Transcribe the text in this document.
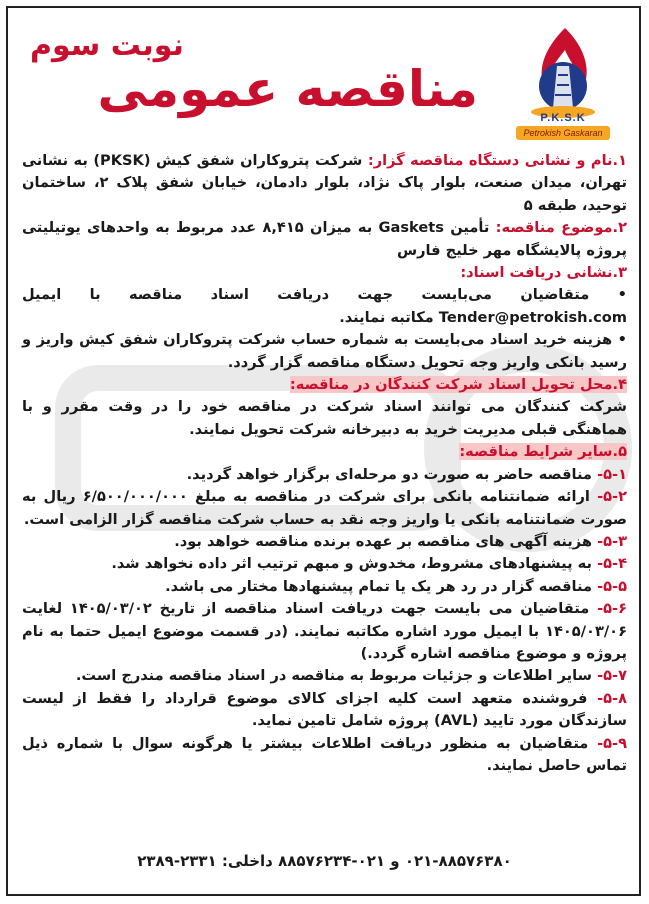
نوبت سوم
مناقصه عمومی	P.K.S.K
Petrokish Gaskaran

۱.نام و نشانی دستگاه مناقصه گزار: شرکت پتروکاران شفق کیش (PKSK) به نشانی تهران، میدان صنعت، بلوار پاک نژاد، بلوار دادمان، خیابان شفق پلاک ۲، ساختمان توحید، طبقه ۵

۲.موضوع مناقصه: تأمین Gaskets به میزان ۸,۴۱۵ عدد مربوط به واحدهای یوتیلیتی پروژه پالایشگاه مهر خلیج فارس

۳.نشانی دریافت اسناد:

• متقاضیان می‌بایست جهت دریافت اسناد مناقصه با ایمیل Tender@petrokish.com مکاتبه نمایند.

• هزینه خرید اسناد می‌بایست به شماره حساب شرکت پتروکاران شفق کیش واریز و رسید بانکی واریز وجه تحویل دستگاه مناقصه گزار گردد.

۴.محل تحویل اسناد شرکت کنندگان در مناقصه:

شرکت کنندگان می توانند اسناد شرکت در مناقصه خود را در وقت مقرر و با هماهنگی قبلی مدیریت خرید به دبیرخانه شرکت تحویل نمایند.

۵.سایر شرایط مناقصه:

۵-۱- مناقصه حاضر به صورت دو مرحله‌ای برگزار خواهد گردید.

۵-۲- ارائه ضمانتنامه بانکی برای شرکت در مناقصه به مبلغ ۶/۵۰۰/۰۰۰/۰۰۰ ریال به صورت ضمانتنامه بانکی یا واریز وجه نقد به حساب شرکت مناقصه گزار الزامی است.

۵-۳- هزینه آگهی های مناقصه بر عهده برنده مناقصه خواهد بود.

۵-۴- به پیشنهادهای مشروط، مخدوش و مبهم ترتیب اثر داده نخواهد شد.

۵-۵- مناقصه گزار در رد هر یک یا تمام پیشنهادها مختار می باشد.

۵-۶- متقاضیان می بایست جهت دریافت اسناد مناقصه از تاریخ ۱۴۰۵/۰۳/۰۲ لغایت ۱۴۰۵/۰۳/۰۶ با ایمیل مورد اشاره مکاتبه نمایند. (در قسمت موضوع ایمیل حتما به نام پروژه و موضوع مناقصه اشاره گردد.)

۵-۷- سایر اطلاعات و جزئیات مربوط به مناقصه در اسناد مناقصه مندرج است.

۵-۸- فروشنده متعهد است کلیه اجزای کالای موضوع قرارداد را فقط از لیست سازندگان مورد تایید (AVL) پروژه شامل تامین نماید.

۵-۹- متقاضیان به منظور دریافت اطلاعات بیشتر یا هرگونه سوال با شماره ذیل تماس حاصل نمایند.

۰۲۱-۸۸۵۷۶۳۸۰ و ۰۲۱-۸۸۵۷۶۲۳۴ داخلی: ۲۳۳۱-۲۳۸۹
